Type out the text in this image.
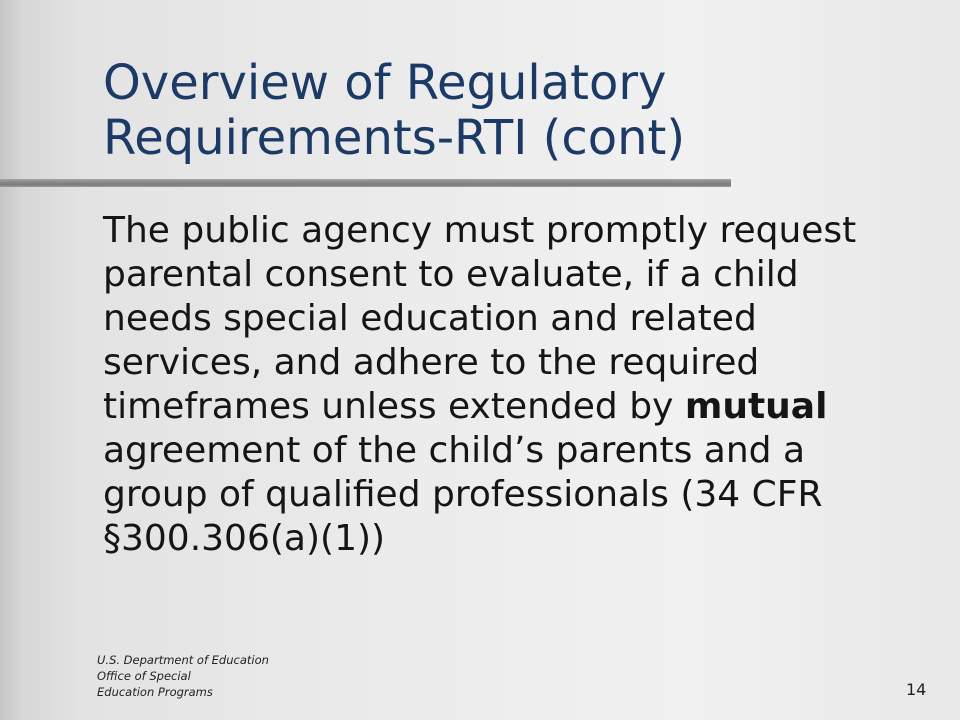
Overview of Regulatory
Requirements-RTI (cont)
The public agency must promptly request
parental consent to evaluate, if a child
needs special education and related
services, and adhere to the required
timeframes unless extended by mutual
agreement of the child’s parents and a
group of qualified professionals (34 CFR
§300.306(a)(1))
U.S. Department of Education
Office of Special
Education Programs	14
